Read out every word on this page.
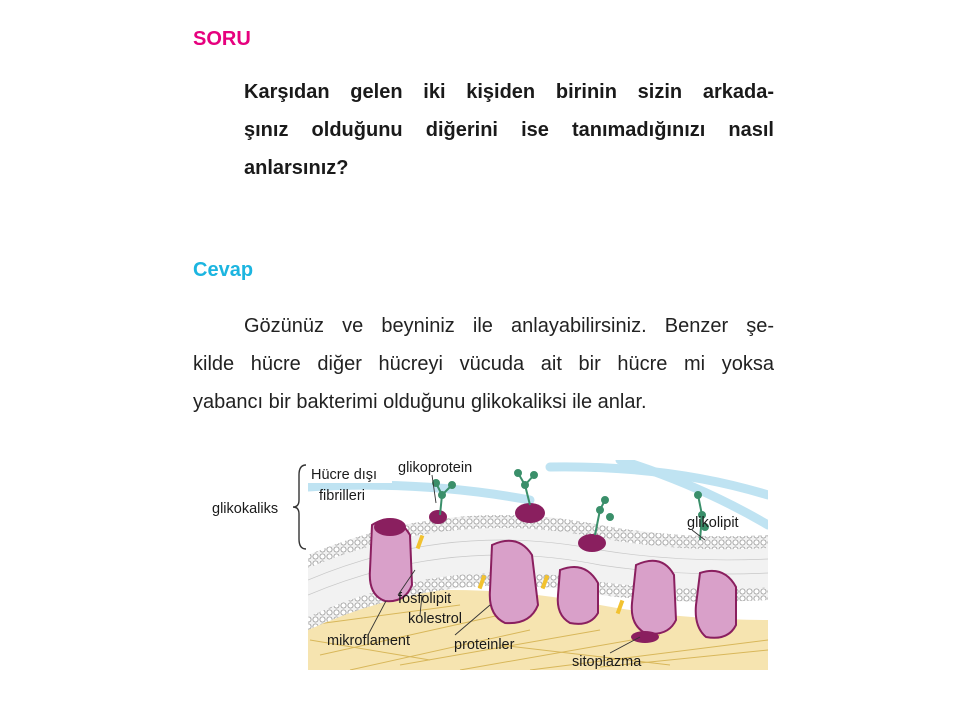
SORU
Karşıdan gelen iki kişiden birinin sizin arkada-
şınız olduğunu diğerini ise tanımadığınızı nasıl
anlarsınız?
Cevap
Gözünüz ve beyniniz ile anlayabilirsiniz. Benzer şe-
kilde hücre diğer hücreyi vücuda ait bir hücre mi yoksa
yabancı bir bakterimi olduğunu glikokaliksi ile anlar.
glikokaliks
Hücre dışı
fibrilleri
glikoprotein
glikolipit
fosfolipit
kolestrol
mikroflament	proteinler
sitoplazma
